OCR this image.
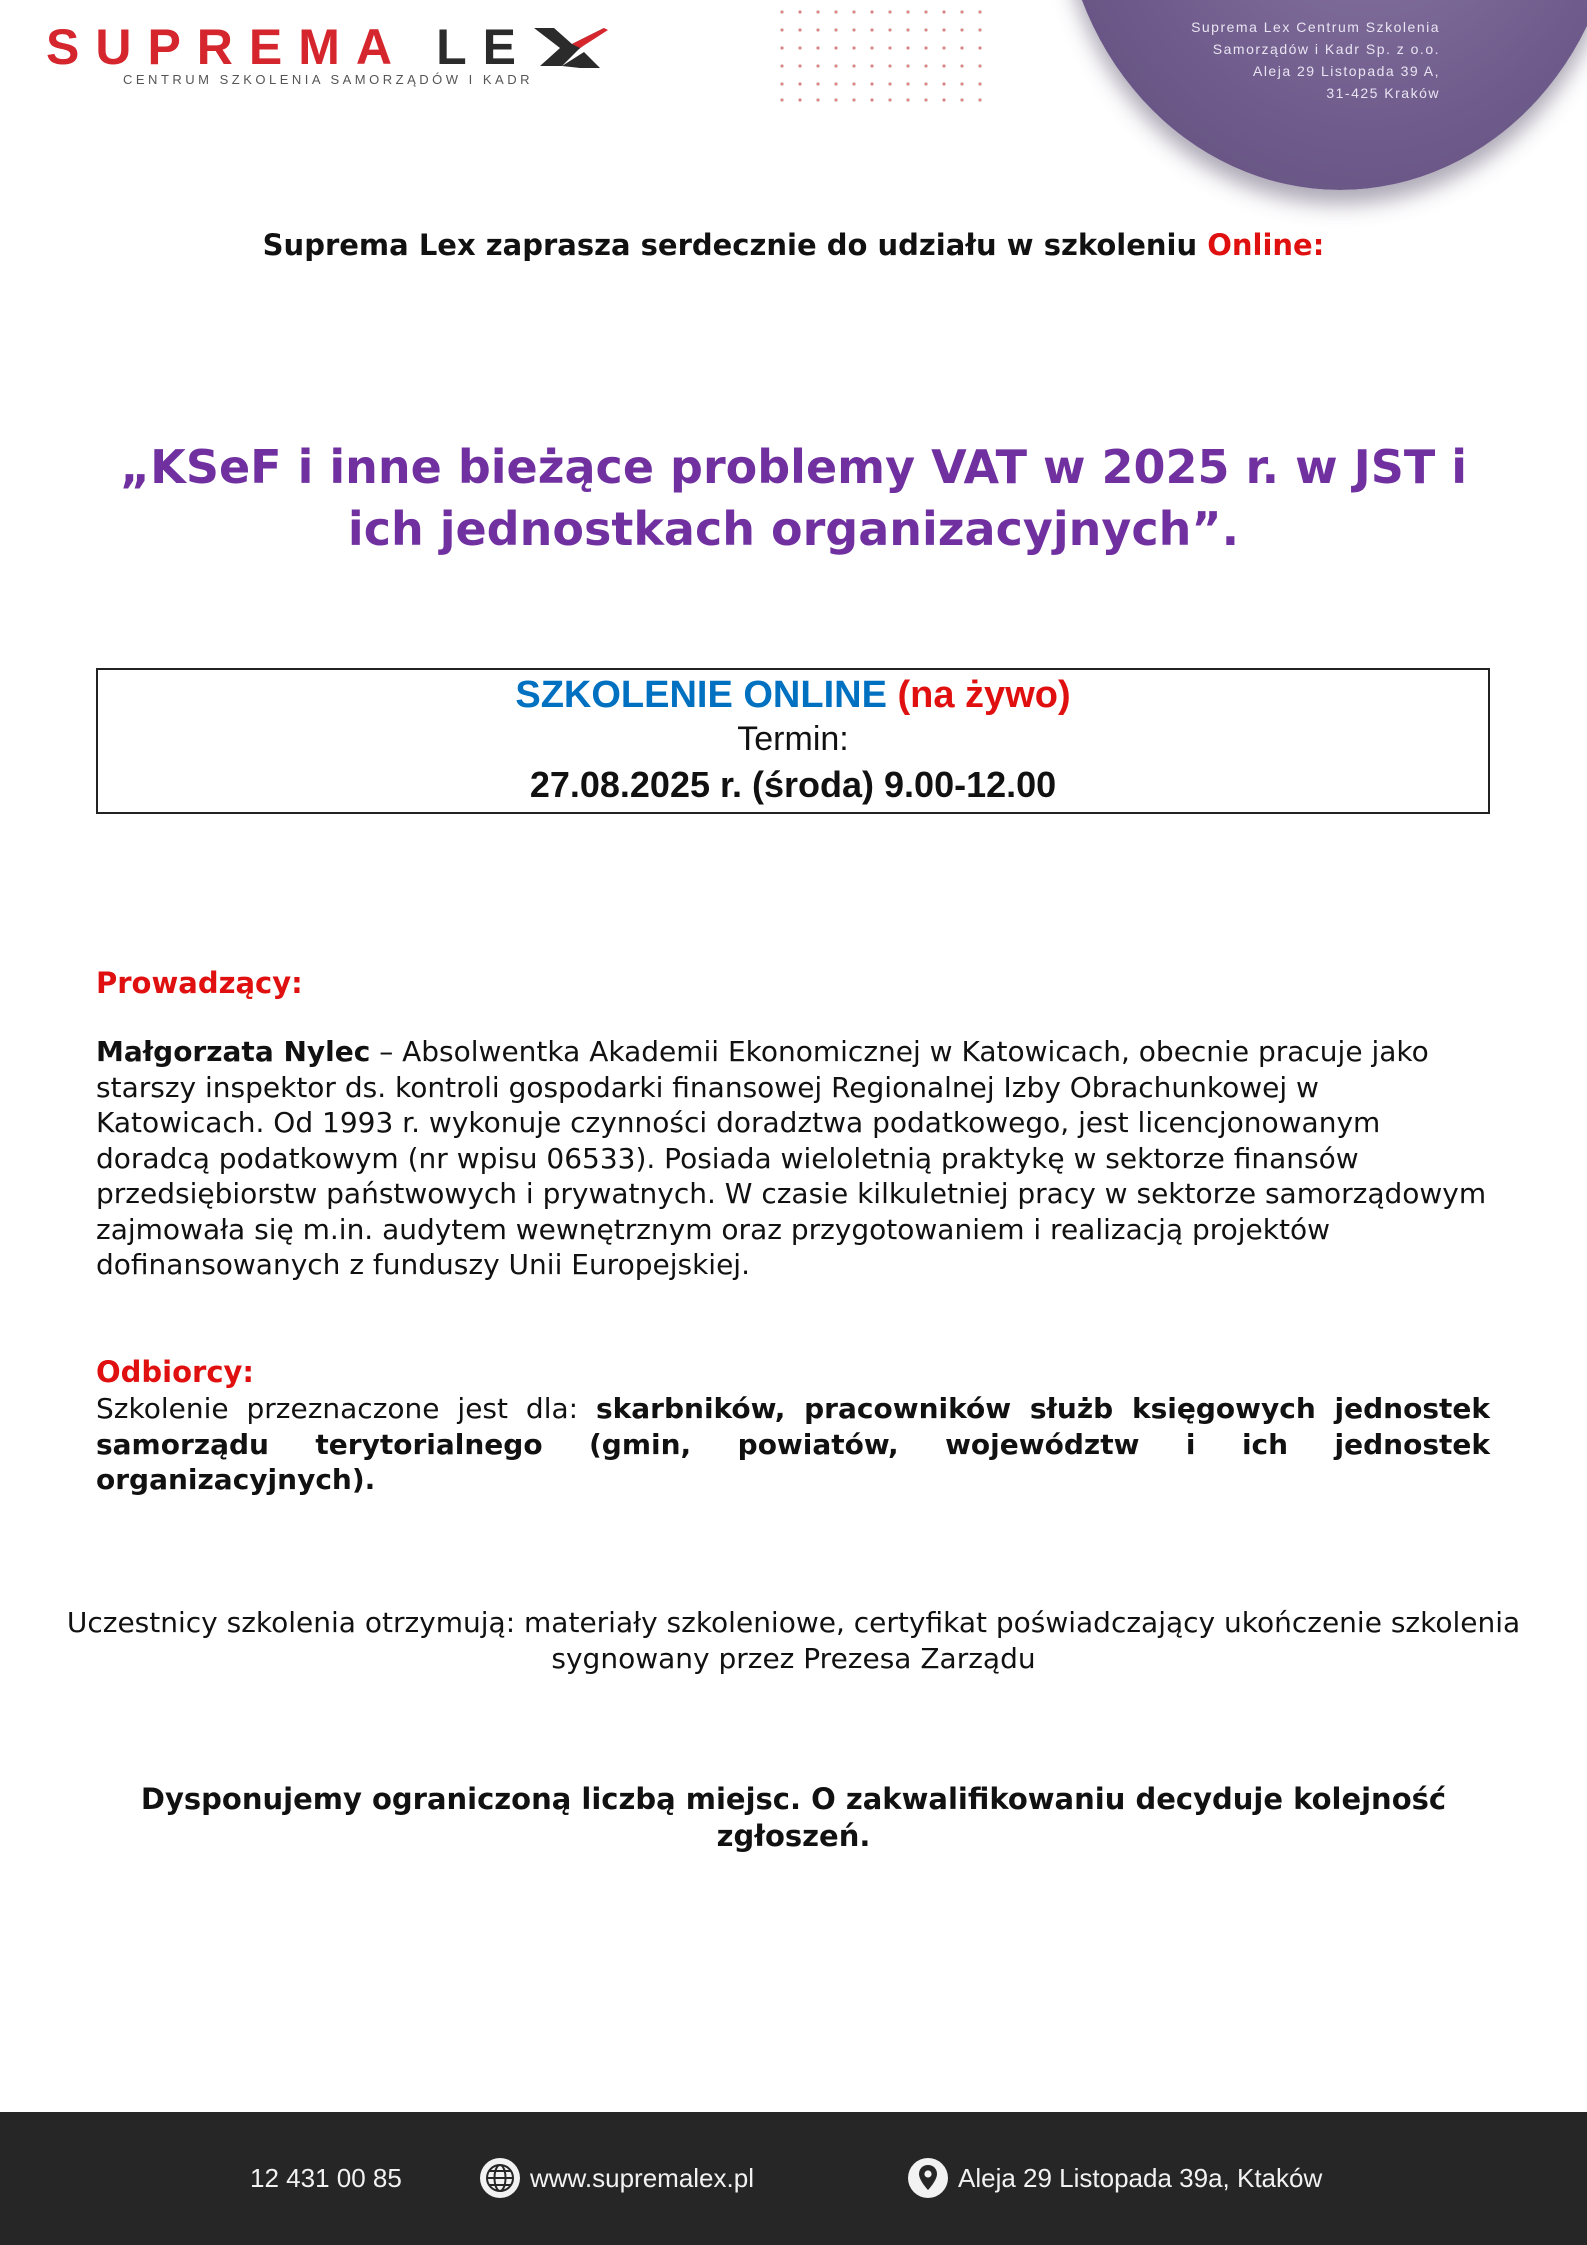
SUPREMA LE
CENTRUM SZKOLENIA SAMORZĄDÓW I KADR
Suprema Lex Centrum Szkolenia
Samorządów i Kadr Sp. z o.o.
Aleja 29 Listopada 39 A,
31-425 Kraków
Suprema Lex zaprasza serdecznie do udziału w szkoleniu Online:
„KSeF i inne bieżące problemy VAT w 2025 r. w JST i ich jednostkach organizacyjnych”.
SZKOLENIE ONLINE (na żywo)
Termin:
27.08.2025 r. (środa) 9.00-12.00
Prowadzący:
Małgorzata Nylec – Absolwentka Akademii Ekonomicznej w Katowicach, obecnie pracuje jako starszy inspektor ds. kontroli gospodarki finansowej Regionalnej Izby Obrachunkowej w Katowicach. Od 1993 r. wykonuje czynności doradztwa podatkowego, jest licencjonowanym doradcą podatkowym (nr wpisu 06533). Posiada wieloletnią praktykę w sektorze finansów przedsiębiorstw państwowych i prywatnych. W czasie kilkuletniej pracy w sektorze samorządowym zajmowała się m.in. audytem wewnętrznym oraz przygotowaniem i realizacją projektów dofinansowanych z funduszy Unii Europejskiej.
Odbiorcy:
Szkolenie przeznaczone jest dla: skarbników, pracowników służb księgowych jednostek
samorządu terytorialnego (gmin, powiatów, województw i ich jednostek
organizacyjnych).
Uczestnicy szkolenia otrzymują: materiały szkoleniowe, certyfikat poświadczający ukończenie szkolenia sygnowany przez Prezesa Zarządu
Dysponujemy ograniczoną liczbą miejsc. O zakwalifikowaniu decyduje kolejność zgłoszeń.
12 431 00 85	www.supremalex.pl	Aleja 29 Listopada 39a, Ktaków
